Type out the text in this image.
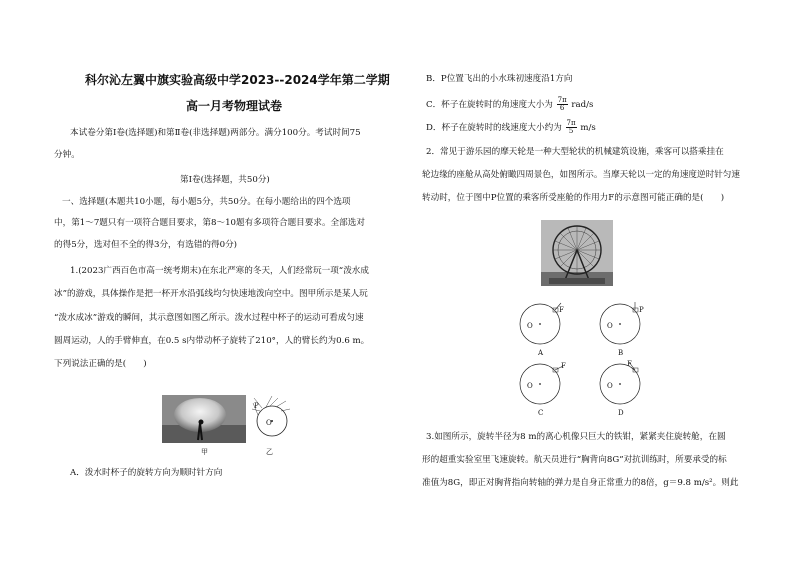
科尔沁左翼中旗实验高级中学2023--2024学年第二学期
高一月考物理试卷
本试卷分第Ⅰ卷(选择题)和第Ⅱ卷(非选择题)两部分。满分100分。考试时间75
分钟。
第Ⅰ卷(选择题，共50分)
一、选择题(本题共10小题，每小题5分，共50分。在每小题给出的四个选项
中，第1～7题只有一项符合题目要求，第8～10题有多项符合题目要求。全部选对
的得5分，选对但不全的得3分，有选错的得0分)
1.(2023广西百色市高一统考期末)在东北严寒的冬天，人们经常玩一项“泼水成
冰”的游戏，具体操作是把一杯开水沿弧线均匀快速地泼向空中。图甲所示是某人玩
“泼水成冰”游戏的瞬间，其示意图如图乙所示。泼水过程中杯子的运动可看成匀速
圆周运动，人的手臂伸直，在0.5 s内带动杯子旋转了210°，人的臂长约为0.6 m。
下列说法正确的是(　　)
甲
P
O
乙
A．泼水时杯子的旋转方向为顺时针方向
B．P位置飞出的小水珠初速度沿1方向
C．杯子在旋转时的角速度大小为 $\frac{7\pi}{6} rad/s$
D．杯子在旋转时的线速度大小约为 $\frac{7\pi}{5} m/s$
2．常见于游乐园的摩天轮是一种大型轮状的机械建筑设施，乘客可以搭乘挂在
轮边缘的座舱从高处俯瞰四周景色，如图所示。当摩天轮以一定的角速度逆时针匀速
转动时，位于图中P位置的乘客所受座舱的作用力F的示意图可能正确的是(　　)
O
F
O
P
O
F
O
F
A	B
C	D
3.如图所示，旋转半径为8 m的离心机像只巨大的铁钳，紧紧夹住旋转舱，在圆
形的超重实验室里飞速旋转。航天员进行“胸背向8G”对抗训练时，所要承受的标
准值为8G，即正对胸背指向转轴的弹力是自身正常重力的8倍，g＝9.8 m/s²。则此
